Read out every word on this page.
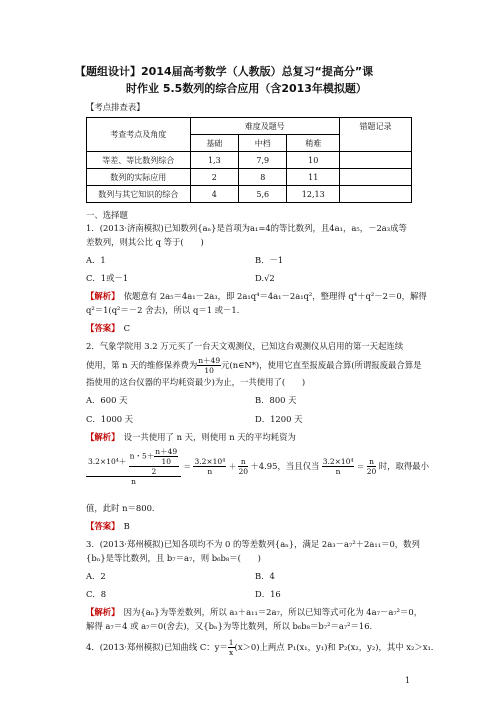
【题组设计】2014届高考数学（人教版）总复习“提高分”课
时作业 5.5数列的综合应用（含2013年模拟题）
【考点排查表】
考查考点及角度	难度及题号			错题记录
	基础	中档	稍难	
等差、等比数列综合	1,3	7,9	10	
数列的实际应用	2	8	11	
数列与其它知识的综合	4	5,6	12,13	
一、选择题
1．(2013·济南模拟)已知数列{aₙ}是首项为a₁=4的等比数列，且4a₁，a₅，－2a₃成等
差数列，则其公比 q 等于(　　)
A．1	B．－1
C．1或－1	D.√2
【解析】　依题意有 2a₅＝4a₁－2a₃，即 2a₁q⁴＝4a₁－2a₁q²，整理得 q⁴＋q²－2＝0，解得
q²＝1(q²＝－2 舍去)，所以 q＝1 或－1.
【答案】　C
2．气象学院用 3.2 万元买了一台天文观测仪，已知这台观测仪从启用的第一天起连续
使用，第 n 天的维修保养费为 $\frac{n+49}{10}$ 元(n∈N*)，使用它直至报废最合算(所谓报废最合算是
指使用的这台仪器的平均耗资最少)为止，一共使用了(　　)
A．600 天	B．800 天
C．1000 天	D．1200 天
【解析】　设一共使用了 n 天，则使用 n 天的平均耗资为
$\frac{3.2\times 10^4+ \frac{n・5+ \frac{n+49}{10}}{2}}{n} = \frac{\text{3.2×10⁴}}{n} + \frac{n}{20} +4.95$，当且仅当 $\frac{\text{3.2×10⁴}}{n} = \frac{n}{20}$ 时，取得最小
值，此时 n＝800.
【答案】　B
3．(2013·郑州模拟)已知各项均不为 0 的等差数列{aₙ}，满足 2a₃－a₇²＋2a₁₁＝0，数列
{bₙ}是等比数列，且 b₇＝a₇，则 b₆b₈＝(　　)
A．2	B．4
C．8	D．16
【解析】　因为{aₙ}为等差数列，所以 a₃＋a₁₁＝2a₇，所以已知等式可化为 4a₇－a₇²＝0，
解得 a₇＝4 或 a₇＝0(舍去)，又{bₙ}为等比数列，所以 b₆b₈＝b₇²＝a₇²＝16.
4．(2013·郑州模拟)已知曲线 C：$y= \frac{1}{x} (x>0)$上两点 P₁(x₁，y₁)和 P₂(x₂，y₂)，其中 x₂＞x₁.
1
